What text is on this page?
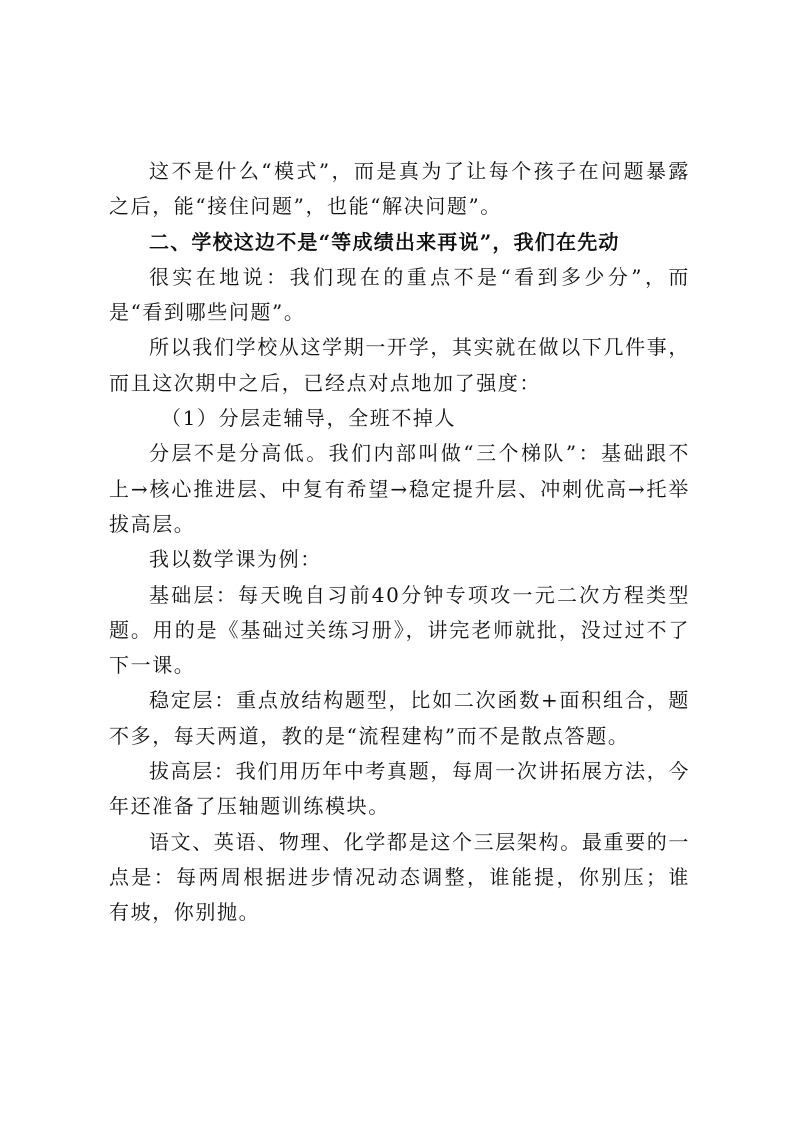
这不是什么“模式”，而是真为了让每个孩子在问题暴露之后，能“接住问题”，也能“解决问题”。

二、学校这边不是“等成绩出来再说”，我们在先动

很实在地说：我们现在的重点不是“看到多少分”，而是“看到哪些问题”。

所以我们学校从这学期一开学，其实就在做以下几件事，而且这次期中之后，已经点对点地加了强度：

（1）分层走辅导，全班不掉人

分层不是分高低。我们内部叫做“三个梯队”：基础跟不上→核心推进层、中复有希望→稳定提升层、冲刺优高→托举拔高层。

我以数学课为例：

基础层：每天晚自习前40分钟专项攻一元二次方程类型题。用的是《基础过关练习册》，讲完老师就批，没过过不了下一课。

稳定层：重点放结构题型，比如二次函数+面积组合，题不多，每天两道，教的是“流程建构”而不是散点答题。

拔高层：我们用历年中考真题，每周一次讲拓展方法，今年还准备了压轴题训练模块。

语文、英语、物理、化学都是这个三层架构。最重要的一点是：每两周根据进步情况动态调整，谁能提，你别压；谁有坡，你别抛。
